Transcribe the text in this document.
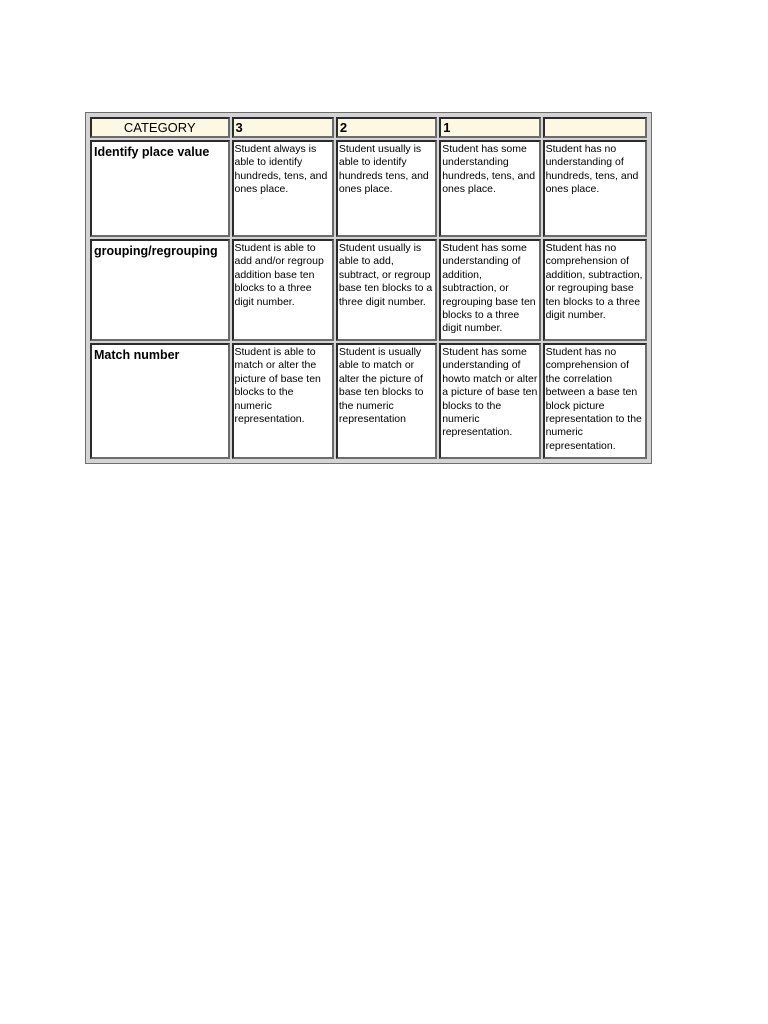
CATEGORY	3	2	1	
Identify place value	Student always is able to identify hundreds, tens, and ones place.	Student usually is able to identify hundreds tens, and ones place.	Student has some understanding hundreds, tens, and ones place.	Student has no understanding of hundreds, tens, and ones place.
grouping/regrouping	Student is able to add and/or regroup addition base ten blocks to a three digit number.	Student usually is able to add, subtract, or regroup base ten blocks to a three digit number.	Student has some understanding of addition, subtraction, or regrouping base ten blocks to a three digit number.	Student has no comprehension of addition, subtraction, or regrouping base ten blocks to a three digit number.
Match number	Student is able to match or alter the picture of base ten blocks to the numeric representation.	Student is usually able to match or alter the picture of base ten blocks to the numeric representation	Student has some understanding of howto match or alter a picture of base ten blocks to the numeric representation.	Student has no comprehension of the correlation between a base ten block picture representation to the numeric representation.
